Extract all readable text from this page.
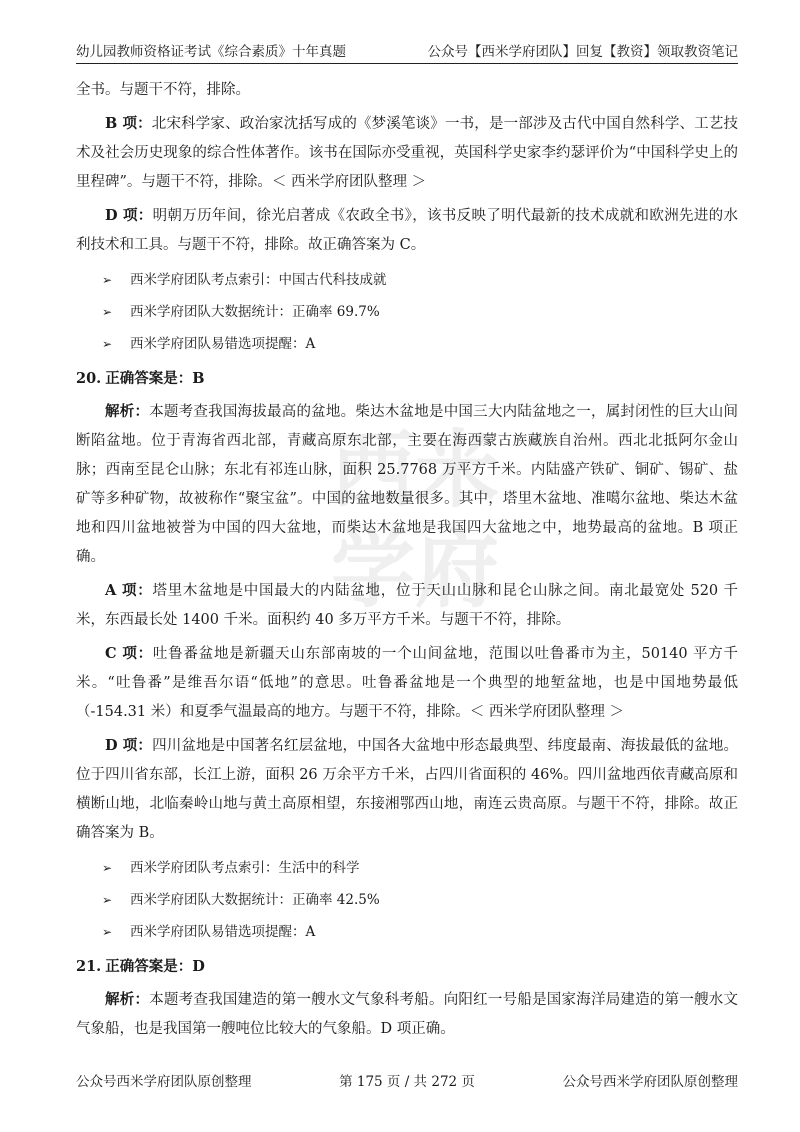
幼儿园教师资格证考试《综合素质》十年真题	公众号【西米学府团队】回复【教资】领取教资笔记
西米学府

全书。与题干不符，排除。

B 项：北宋科学家、政治家沈括写成的《梦溪笔谈》一书，是一部涉及古代中国自然科学、工艺技术及社会历史现象的综合性体著作。该书在国际亦受重视，英国科学史家李约瑟评价为“中国科学史上的里程碑”。与题干不符，排除。＜ 西米学府团队整理 ＞

D 项：明朝万历年间，徐光启著成《农政全书》，该书反映了明代最新的技术成就和欧洲先进的水利技术和工具。与题干不符，排除。故正确答案为 C。

➢ 西米学府团队考点索引：中国古代科技成就
➢ 西米学府团队大数据统计：正确率 69.7%
➢ 西米学府团队易错选项提醒：A

20. 正确答案是：B

解析：本题考查我国海拔最高的盆地。柴达木盆地是中国三大内陆盆地之一，属封闭性的巨大山间断陷盆地。位于青海省西北部，青藏高原东北部，主要在海西蒙古族藏族自治州。西北北抵阿尔金山脉；西南至昆仑山脉；东北有祁连山脉，面积 25.7768 万平方千米。内陆盛产铁矿、铜矿、锡矿、盐矿等多种矿物，故被称作“聚宝盆”。中国的盆地数量很多。其中，塔里木盆地、准噶尔盆地、柴达木盆地和四川盆地被誉为中国的四大盆地，而柴达木盆地是我国四大盆地之中，地势最高的盆地。B 项正确。

A 项：塔里木盆地是中国最大的内陆盆地，位于天山山脉和昆仑山脉之间。南北最宽处 520 千米，东西最长处 1400 千米。面积约 40 多万平方千米。与题干不符，排除。

C 项：吐鲁番盆地是新疆天山东部南坡的一个山间盆地，范围以吐鲁番市为主，50140 平方千米。“吐鲁番”是维吾尔语“低地”的意思。吐鲁番盆地是一个典型的地堑盆地，也是中国地势最低（-154.31 米）和夏季气温最高的地方。与题干不符，排除。＜ 西米学府团队整理 ＞

D 项：四川盆地是中国著名红层盆地，中国各大盆地中形态最典型、纬度最南、海拔最低的盆地。位于四川省东部，长江上游，面积 26 万余平方千米，占四川省面积的 46%。四川盆地西依青藏高原和横断山地，北临秦岭山地与黄土高原相望，东接湘鄂西山地，南连云贵高原。与题干不符，排除。故正确答案为 B。

➢ 西米学府团队考点索引：生活中的科学
➢ 西米学府团队大数据统计：正确率 42.5%
➢ 西米学府团队易错选项提醒：A

21. 正确答案是：D

解析：本题考查我国建造的第一艘水文气象科考船。向阳红一号船是国家海洋局建造的第一艘水文气象船，也是我国第一艘吨位比较大的气象船。D 项正确。

公众号西米学府团队原创整理	第 175 页 / 共 272 页	公众号西米学府团队原创整理
